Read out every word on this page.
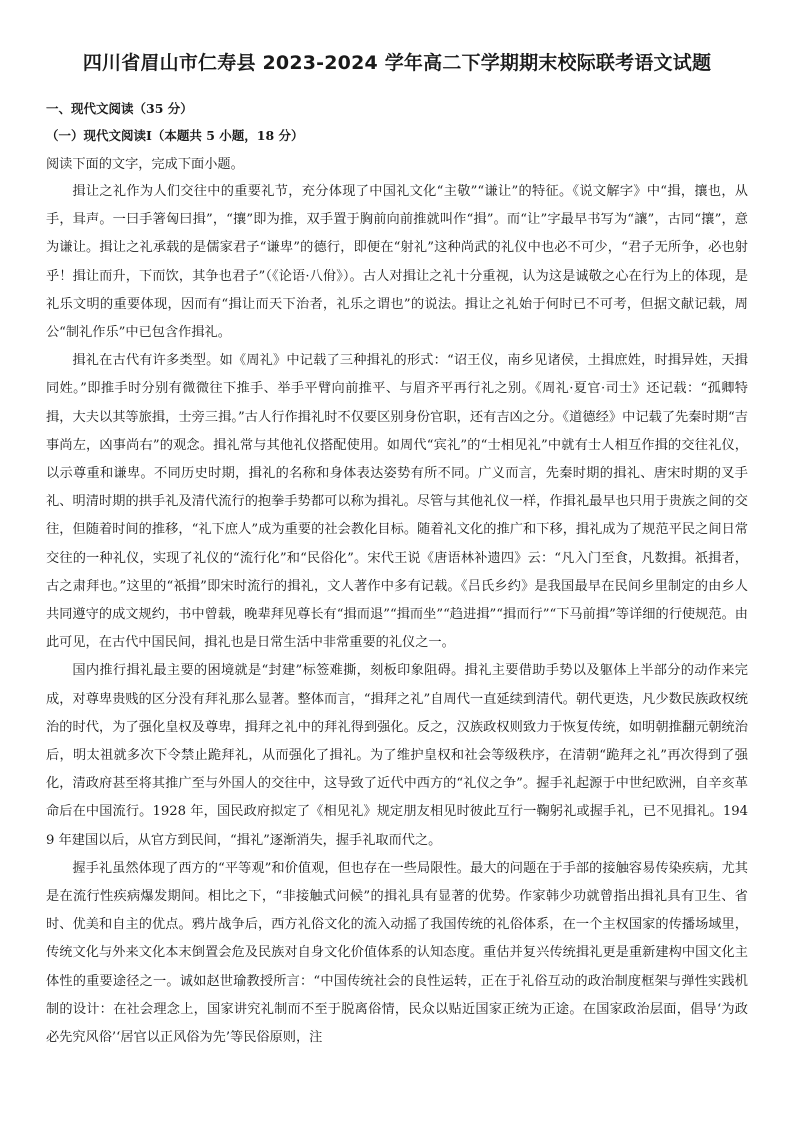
四川省眉山市仁寿县 2023-2024 学年高二下学期期末校际联考语文试题
一、现代文阅读（35 分）
（一）现代文阅读Ⅰ（本题共 5 小题，18 分）
阅读下面的文字，完成下面小题。

揖让之礼作为人们交往中的重要礼节，充分体现了中国礼文化“主敬”“谦让”的特征。《说文解字》中“揖，攘也，从手，咠声。一曰手箸匈曰揖”，“攘”即为推，双手置于胸前向前推就叫作“揖”。而“让”字最早书写为“讓”，古同“攘”，意为谦让。揖让之礼承载的是儒家君子“谦卑”的德行，即便在“射礼”这种尚武的礼仪中也必不可少，“君子无所争，必也射乎！揖让而升，下而饮，其争也君子”（《论语·八佾》）。古人对揖让之礼十分重视，认为这是诚敬之心在行为上的体现，是礼乐文明的重要体现，因而有“揖让而天下治者，礼乐之谓也”的说法。揖让之礼始于何时已不可考，但据文献记载，周公“制礼作乐”中已包含作揖礼。

揖礼在古代有许多类型。如《周礼》中记载了三种揖礼的形式：“诏王仪，南乡见诸侯，土揖庶姓，时揖异姓，天揖同姓。”即推手时分别有微微往下推手、举手平臂向前推平、与眉齐平再行礼之别。《周礼·夏官·司士》还记载：“孤卿特揖，大夫以其等旅揖，士旁三揖。”古人行作揖礼时不仅要区别身份官职，还有吉凶之分。《道德经》中记载了先秦时期“吉事尚左，凶事尚右”的观念。揖礼常与其他礼仪搭配使用。如周代“宾礼”的“士相见礼”中就有士人相互作揖的交往礼仪，以示尊重和谦卑。不同历史时期，揖礼的名称和身体表达姿势有所不同。广义而言，先秦时期的揖礼、唐宋时期的叉手礼、明清时期的拱手礼及清代流行的抱拳手势都可以称为揖礼。尽管与其他礼仪一样，作揖礼最早也只用于贵族之间的交往，但随着时间的推移，“礼下庶人”成为重要的社会教化目标。随着礼文化的推广和下移，揖礼成为了规范平民之间日常交往的一种礼仪，实现了礼仪的“流行化”和“民俗化”。宋代王说《唐语林补遗四》云：“凡入门至食，凡数揖。祇揖者，古之肃拜也。”这里的“祇揖”即宋时流行的揖礼，文人著作中多有记载。《吕氏乡约》是我国最早在民间乡里制定的由乡人共同遵守的成文规约，书中曾载，晚辈拜见尊长有“揖而退”“揖而坐”“趋进揖”“揖而行”“下马前揖”等详细的行使规范。由此可见，在古代中国民间，揖礼也是日常生活中非常重要的礼仪之一。

国内推行揖礼最主要的困境就是“封建”标签难撕，刻板印象阻碍。揖礼主要借助手势以及躯体上半部分的动作来完成，对尊卑贵贱的区分没有拜礼那么显著。整体而言，“揖拜之礼”自周代一直延续到清代。朝代更迭，凡少数民族政权统治的时代，为了强化皇权及尊卑，揖拜之礼中的拜礼得到强化。反之，汉族政权则致力于恢复传统，如明朝推翻元朝统治后，明太祖就多次下令禁止跪拜礼，从而强化了揖礼。为了维护皇权和社会等级秩序，在清朝“跪拜之礼”再次得到了强化，清政府甚至将其推广至与外国人的交往中，这导致了近代中西方的“礼仪之争”。握手礼起源于中世纪欧洲，自辛亥革命后在中国流行。1928 年，国民政府拟定了《相见礼》规定朋友相见时彼此互行一鞠躬礼或握手礼，已不见揖礼。1949 年建国以后，从官方到民间，“揖礼”逐渐消失，握手礼取而代之。

握手礼虽然体现了西方的“平等观”和价值观，但也存在一些局限性。最大的问题在于手部的接触容易传染疾病，尤其是在流行性疾病爆发期间。相比之下，“非接触式问候”的揖礼具有显著的优势。作家韩少功就曾指出揖礼具有卫生、省时、优美和自主的优点。鸦片战争后，西方礼俗文化的流入动摇了我国传统的礼俗体系，在一个主权国家的传播场域里，传统文化与外来文化本末倒置会危及民族对自身文化价值体系的认知态度。重估并复兴传统揖礼更是重新建构中国文化主体性的重要途径之一。诚如赵世瑜教授所言：“中国传统社会的良性运转，正在于礼俗互动的政治制度框架与弹性实践机制的设计：在社会理念上，国家讲究礼制而不至于脱离俗情，民众以贴近国家正统为正途。在国家政治层面，倡导‘为政必先究风俗’‘居官以正风俗为先’等民俗原则，注
